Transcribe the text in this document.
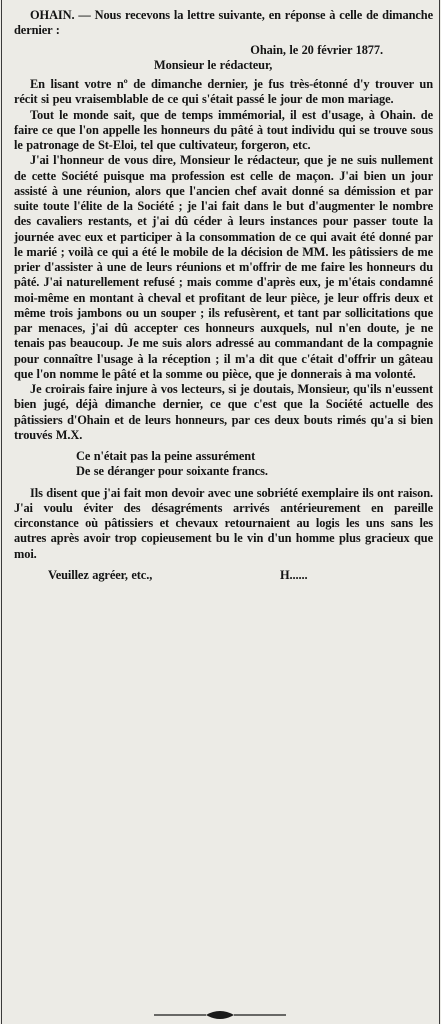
OHAIN. — Nous recevons la lettre suivante, en réponse à celle de dimanche dernier :

Ohain, le 20 février 1877.
Monsieur le rédacteur,

En lisant votre nº de dimanche dernier, je fus très-étonné d'y trouver un récit si peu vraisemblable de ce qui s'était passé le jour de mon mariage.

Tout le monde sait, que de temps immémorial, il est d'usage, à Ohain. de faire ce que l'on appelle les honneurs du pâté à tout individu qui se trouve sous le patronage de St-Eloi, tel que cultivateur, forgeron, etc.

J'ai l'honneur de vous dire, Monsieur le rédacteur, que je ne suis nullement de cette Société puisque ma profession est celle de maçon. J'ai bien un jour assisté à une réunion, alors que l'ancien chef avait donné sa démission et par suite toute l'élite de la Société ; je l'ai fait dans le but d'augmenter le nombre des cavaliers restants, et j'ai dû céder à leurs instances pour passer toute la journée avec eux et participer à la consommation de ce qui avait été donné par le marié ; voilà ce qui a été le mobile de la décision de MM. les pâtissiers de me prier d'assister à une de leurs réunions et m'offrir de me faire les honneurs du pâté. J'ai naturellement refusé ; mais comme d'après eux, je m'étais condamné moi-même en montant à cheval et profitant de leur pièce, je leur offris deux et même trois jambons ou un souper ; ils refusèrent, et tant par sollicitations que par menaces, j'ai dû accepter ces honneurs auxquels, nul n'en doute, je ne tenais pas beaucoup. Je me suis alors adressé au commandant de la compagnie pour connaître l'usage à la réception ; il m'a dit que c'était d'offrir un gâteau que l'on nomme le pâté et la somme ou pièce, que je donnerais à ma volonté.

Je croirais faire injure à vos lecteurs, si je doutais, Monsieur, qu'ils n'eussent bien jugé, déjà dimanche dernier, ce que c'est que la Société actuelle des pâtissiers d'Ohain et de leurs honneurs, par ces deux bouts rimés qu'a si bien trouvés M.X.

Ce n'était pas la peine assurément
De se déranger pour soixante francs.

Ils disent que j'ai fait mon devoir avec une sobriété exemplaire ils ont raison. J'ai voulu éviter des désagréments arrivés antérieurement en pareille circonstance où pâtissiers et chevaux retournaient au logis les uns sans les autres après avoir trop copieusement bu le vin d'un homme plus gracieux que moi.

Veuillez agréer, etc.,	H......
